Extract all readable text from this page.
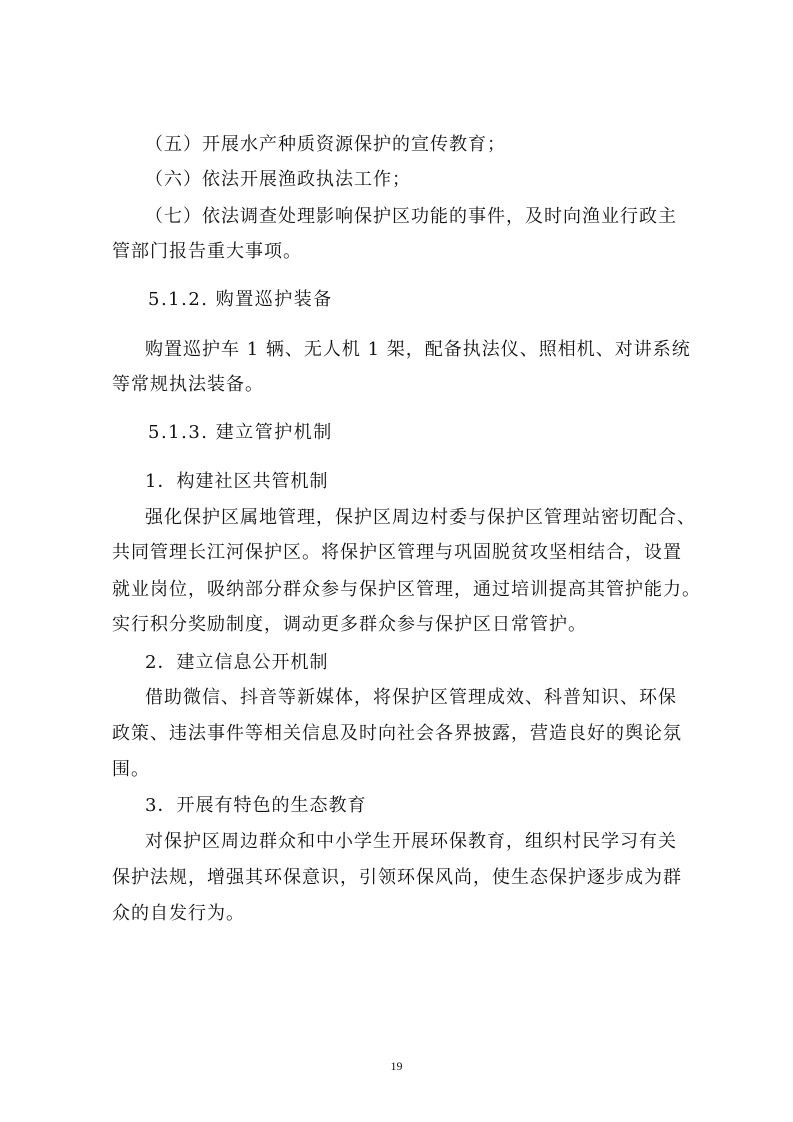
（五）开展水产种质资源保护的宣传教育；
（六）依法开展渔政执法工作；
（七）依法调查处理影响保护区功能的事件，及时向渔业行政主
管部门报告重大事项。
5.1.2. 购置巡护装备
购置巡护车 1 辆、无人机 1 架，配备执法仪、照相机、对讲系统
等常规执法装备。
5.1.3. 建立管护机制
1．构建社区共管机制
强化保护区属地管理，保护区周边村委与保护区管理站密切配合、
共同管理长江河保护区。将保护区管理与巩固脱贫攻坚相结合，设置
就业岗位，吸纳部分群众参与保护区管理，通过培训提高其管护能力。
实行积分奖励制度，调动更多群众参与保护区日常管护。
2．建立信息公开机制
借助微信、抖音等新媒体，将保护区管理成效、科普知识、环保
政策、违法事件等相关信息及时向社会各界披露，营造良好的舆论氛
围。
3．开展有特色的生态教育
对保护区周边群众和中小学生开展环保教育，组织村民学习有关
保护法规，增强其环保意识，引领环保风尚，使生态保护逐步成为群
众的自发行为。
19
